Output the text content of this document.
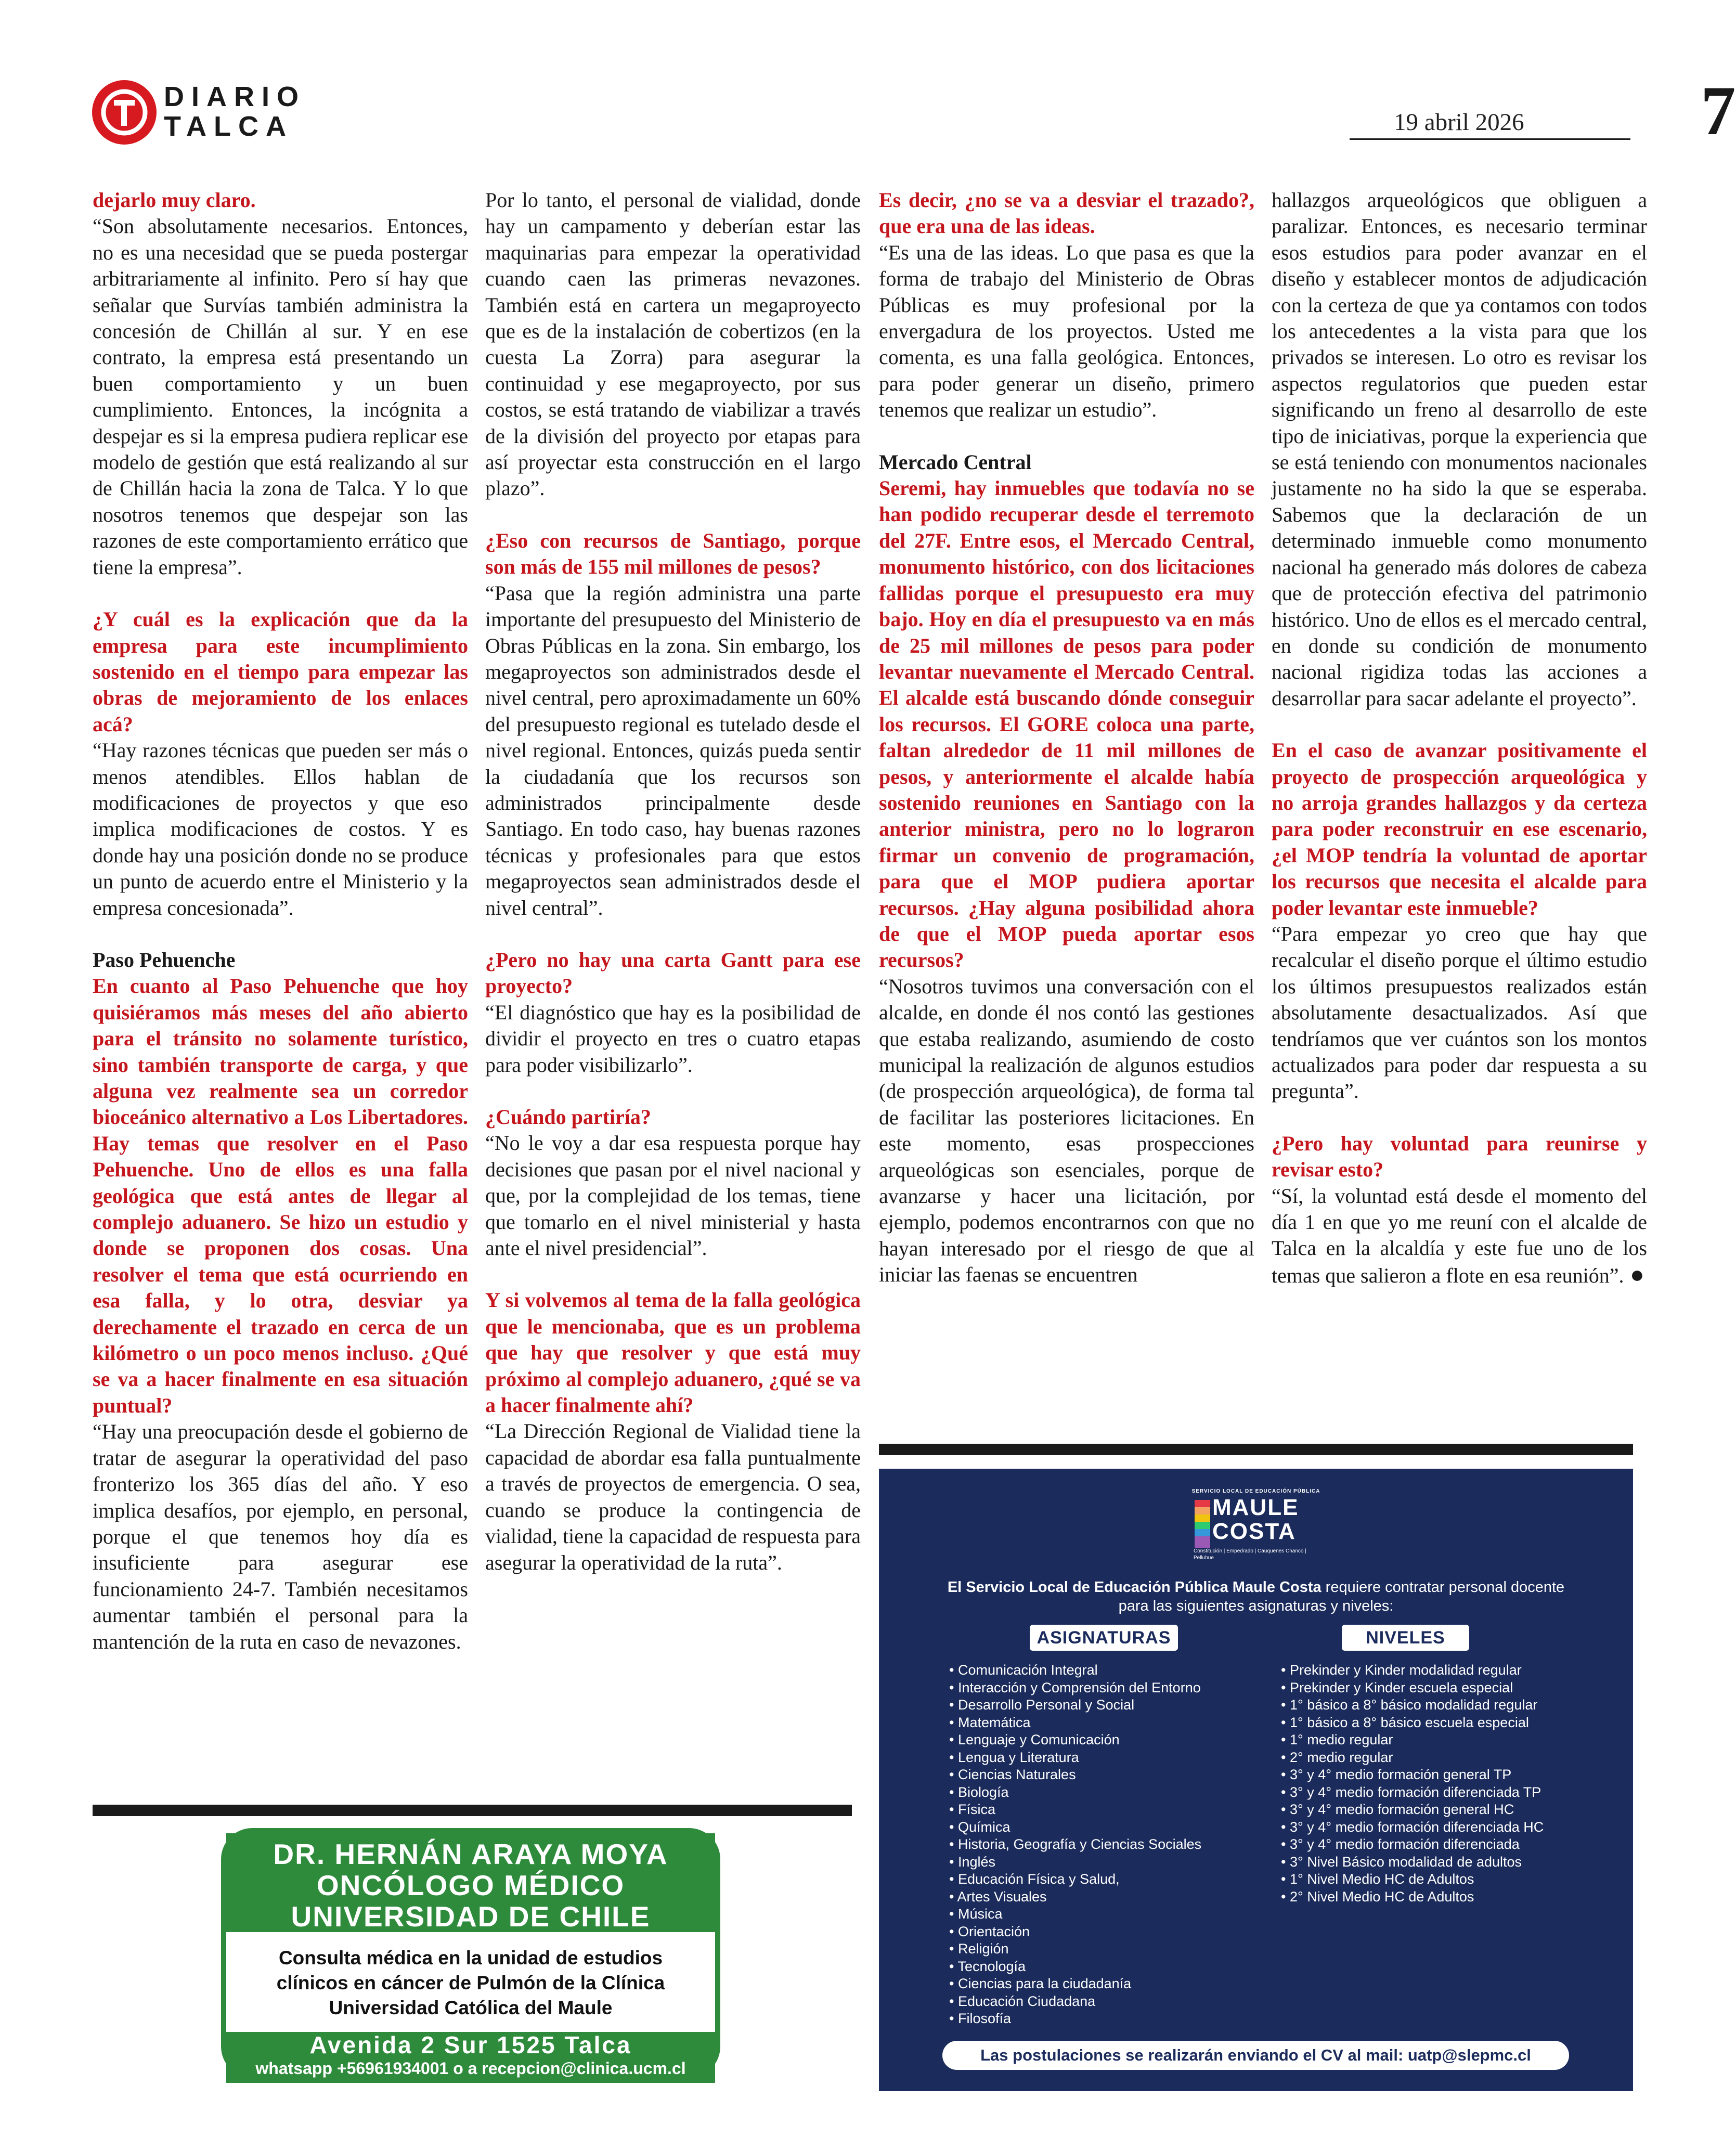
DIARIO
TALCA	19 abril 2026	7

dejarlo muy claro.

“Son absolutamente necesarios. Entonces, no es una necesidad que se pueda postergar arbitrariamente al infinito. Pero sí hay que señalar que Survías también administra la concesión de Chillán al sur. Y en ese contrato, la empresa está presentando un buen comportamiento y un buen cumplimiento. Entonces, la incógnita a despejar es si la empresa pudiera replicar ese modelo de gestión que está realizando al sur de Chillán hacia la zona de Talca. Y lo que nosotros tenemos que despejar son las razones de este comportamiento errático que tiene la empresa”.

¿Y cuál es la explicación que da la empresa para este incumplimiento sostenido en el tiempo para empezar las obras de mejoramiento de los enlaces acá?

“Hay razones técnicas que pueden ser más o menos atendibles. Ellos hablan de modificaciones de proyectos y que eso implica modificaciones de costos. Y es donde hay una posición donde no se produce un punto de acuerdo entre el Ministerio y la empresa concesionada”.

Paso Pehuenche

En cuanto al Paso Pehuenche que hoy quisiéramos más meses del año abierto para el tránsito no solamente turístico, sino también transporte de carga, y que alguna vez realmente sea un corredor bioceánico alternativo a Los Libertadores. Hay temas que resolver en el Paso Pehuenche. Uno de ellos es una falla geológica que está antes de llegar al complejo aduanero. Se hizo un estudio y donde se proponen dos cosas. Una resolver el tema que está ocurriendo en esa falla, y lo otra, desviar ya derechamente el trazado en cerca de un kilómetro o un poco menos incluso. ¿Qué se va a hacer finalmente en esa situación puntual?

“Hay una preocupación desde el gobierno de tratar de asegurar la operatividad del paso fronterizo los 365 días del año. Y eso implica desafíos, por ejemplo, en personal, porque el que tenemos hoy día es insuficiente para asegurar ese funcionamiento 24-7. También necesitamos aumentar también el personal para la mantención de la ruta en caso de nevazones.

Por lo tanto, el personal de vialidad, donde hay un campamento y deberían estar las maquinarias para empezar la operatividad cuando caen las primeras nevazones. También está en cartera un megaproyecto que es de la instalación de cobertizos (en la cuesta La Zorra) para asegurar la continuidad y ese megaproyecto, por sus costos, se está tratando de viabilizar a través de la división del proyecto por etapas para así proyectar esta construcción en el largo plazo”.

¿Eso con recursos de Santiago, porque son más de 155 mil millones de pesos?

“Pasa que la región administra una parte importante del presupuesto del Ministerio de Obras Públicas en la zona. Sin embargo, los megaproyectos son administrados desde el nivel central, pero aproximadamente un 60% del presupuesto regional es tutelado desde el nivel regional. Entonces, quizás pueda sentir la ciudadanía que los recursos son administrados principalmente desde Santiago. En todo caso, hay buenas razones técnicas y profesionales para que estos megaproyectos sean administrados desde el nivel central”.

¿Pero no hay una carta Gantt para ese proyecto?

“El diagnóstico que hay es la posibilidad de dividir el proyecto en tres o cuatro etapas para poder visibilizarlo”.

¿Cuándo partiría?

“No le voy a dar esa respuesta porque hay decisiones que pasan por el nivel nacional y que, por la complejidad de los temas, tiene que tomarlo en el nivel ministerial y hasta ante el nivel presidencial”.

Y si volvemos al tema de la falla geológica que le mencionaba, que es un problema que hay que resolver y que está muy próximo al complejo aduanero, ¿qué se va a hacer finalmente ahí?

“La Dirección Regional de Vialidad tiene la capacidad de abordar esa falla puntualmente a través de proyectos de emergencia. O sea, cuando se produce la contingencia de vialidad, tiene la capacidad de respuesta para asegurar la operatividad de la ruta”.

Es decir, ¿no se va a desviar el trazado?, que era una de las ideas.

“Es una de las ideas. Lo que pasa es que la forma de trabajo del Ministerio de Obras Públicas es muy profesional por la envergadura de los proyectos. Usted me comenta, es una falla geológica. Entonces, para poder generar un diseño, primero tenemos que realizar un estudio”.

Mercado Central

Seremi, hay inmuebles que todavía no se han podido recuperar desde el terremoto del 27F. Entre esos, el Mercado Central, monumento histórico, con dos licitaciones fallidas porque el presupuesto era muy bajo. Hoy en día el presupuesto va en más de 25 mil millones de pesos para poder levantar nuevamente el Mercado Central. El alcalde está buscando dónde conseguir los recursos. El GORE coloca una parte, faltan alrededor de 11 mil millones de pesos, y anteriormente el alcalde había sostenido reuniones en Santiago con la anterior ministra, pero no lo lograron firmar un convenio de programación, para que el MOP pudiera aportar recursos. ¿Hay alguna posibilidad ahora de que el MOP pueda aportar esos recursos?

“Nosotros tuvimos una conversación con el alcalde, en donde él nos contó las gestiones que estaba realizando, asumiendo de costo municipal la realización de algunos estudios (de prospección arqueológica), de forma tal de facilitar las posteriores licitaciones. En este momento, esas prospecciones arqueológicas son esenciales, porque de avanzarse y hacer una licitación, por ejemplo, podemos encontrarnos con que no hayan interesado por el riesgo de que al iniciar las faenas se encuentren

hallazgos arqueológicos que obliguen a paralizar. Entonces, es necesario terminar esos estudios para poder avanzar en el diseño y establecer montos de adjudicación con la certeza de que ya contamos con todos los antecedentes a la vista para que los privados se interesen. Lo otro es revisar los aspectos regulatorios que pueden estar significando un freno al desarrollo de este tipo de iniciativas, porque la experiencia que se está teniendo con monumentos nacionales justamente no ha sido la que se esperaba. Sabemos que la declaración de un determinado inmueble como monumento nacional ha generado más dolores de cabeza que de protección efectiva del patrimonio histórico. Uno de ellos es el mercado central, en donde su condición de monumento nacional rigidiza todas las acciones a desarrollar para sacar adelante el proyecto”.

En el caso de avanzar positivamente el proyecto de prospección arqueológica y no arroja grandes hallazgos y da certeza para poder reconstruir en ese escenario, ¿el MOP tendría la voluntad de aportar los recursos que necesita el alcalde para poder levantar este inmueble?

“Para empezar yo creo que hay que recalcular el diseño porque el último estudio los últimos presupuestos realizados están absolutamente desactualizados. Así que tendríamos que ver cuántos son los montos actualizados para poder dar respuesta a su pregunta”.

¿Pero hay voluntad para reunirse y revisar esto?

“Sí, la voluntad está desde el momento del día 1 en que yo me reuní con el alcalde de Talca en la alcaldía y este fue uno de los temas que salieron a flote en esa reunión”. ●

DR. HERNÁN ARAYA MOYA
ONCÓLOGO MÉDICO
UNIVERSIDAD DE CHILE
Consulta médica en la unidad de estudios
clínicos en cáncer de Pulmón de la Clínica
Universidad Católica del Maule
Avenida 2 Sur 1525 Talca
whatsapp +56961934001 o a recepcion@clinica.ucm.cl
SERVICIO LOCAL DE EDUCACIÓN PÚBLICA
MAULE
COSTA
Constitución | Empedrado | Cauquenes Chanco | Pelluhue
El Servicio Local de Educación Pública Maule Costa requiere contratar personal docente
para las siguientes asignaturas y niveles:
ASIGNATURAS	NIVELES
• Comunicación Integral
• Interacción y Comprensión del Entorno
• Desarrollo Personal y Social
• Matemática
• Lenguaje y Comunicación
• Lengua y Literatura
• Ciencias Naturales
• Biología
• Física
• Química
• Historia, Geografía y Ciencias Sociales
• Inglés
• Educación Física y Salud,
• Artes Visuales
• Música
• Orientación
• Religión
• Tecnología
• Ciencias para la ciudadanía
• Educación Ciudadana
• Filosofía
• Prekinder y Kinder modalidad regular
• Prekinder y Kinder escuela especial
• 1° básico a 8° básico modalidad regular
• 1° básico a 8° básico escuela especial
• 1° medio regular
• 2° medio regular
• 3° y 4° medio formación general TP
• 3° y 4° medio formación diferenciada TP
• 3° y 4° medio formación general HC
• 3° y 4° medio formación diferenciada HC
• 3° y 4° medio formación diferenciada
• 3° Nivel Básico modalidad de adultos
• 1° Nivel Medio HC de Adultos
• 2° Nivel Medio HC de Adultos
Las postulaciones se realizarán enviando el CV al mail: uatp@slepmc.cl
